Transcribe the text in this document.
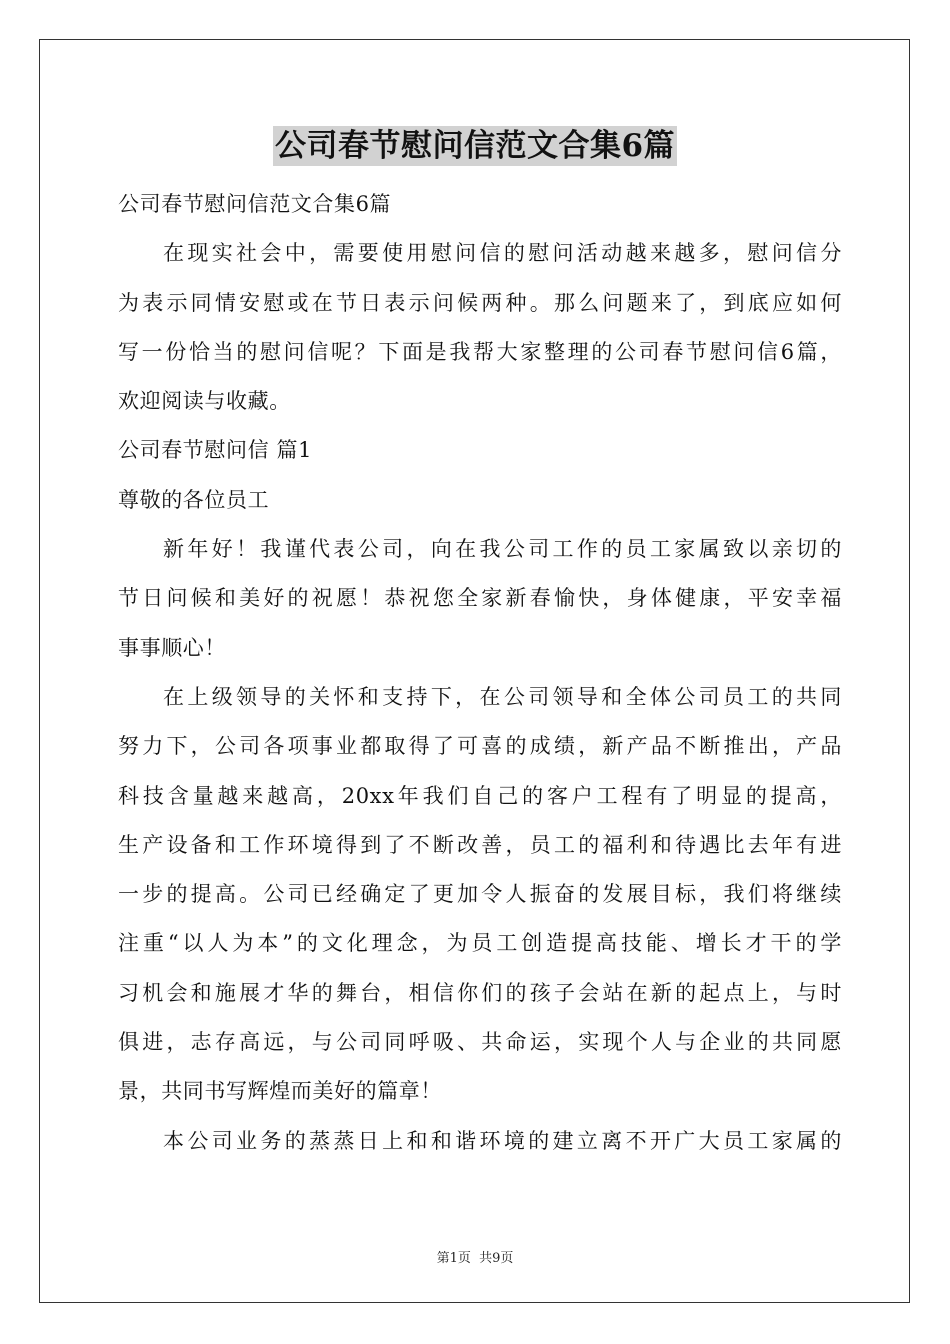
公司春节慰问信范文合集6篇
公司春节慰问信范文合集6篇
在现实社会中，需要使用慰问信的慰问活动越来越多，慰问信分
为表示同情安慰或在节日表示问候两种。那么问题来了，到底应如何
写一份恰当的慰问信呢？下面是我帮大家整理的公司春节慰问信6篇，
欢迎阅读与收藏。
公司春节慰问信 篇1
尊敬的各位员工
新年好！我谨代表公司，向在我公司工作的员工家属致以亲切的
节日问候和美好的祝愿！恭祝您全家新春愉快，身体健康，平安幸福
事事顺心！
在上级领导的关怀和支持下，在公司领导和全体公司员工的共同
努力下，公司各项事业都取得了可喜的成绩，新产品不断推出，产品
科技含量越来越高，20xx年我们自己的客户工程有了明显的提高，
生产设备和工作环境得到了不断改善，员工的福利和待遇比去年有进
一步的提高。公司已经确定了更加令人振奋的发展目标，我们将继续
注重“以人为本”的文化理念，为员工创造提高技能、增长才干的学
习机会和施展才华的舞台，相信你们的孩子会站在新的起点上，与时
俱进，志存高远，与公司同呼吸、共命运，实现个人与企业的共同愿
景，共同书写辉煌而美好的篇章！
本公司业务的蒸蒸日上和和谐环境的建立离不开广大员工家属的
第1页 共9页
